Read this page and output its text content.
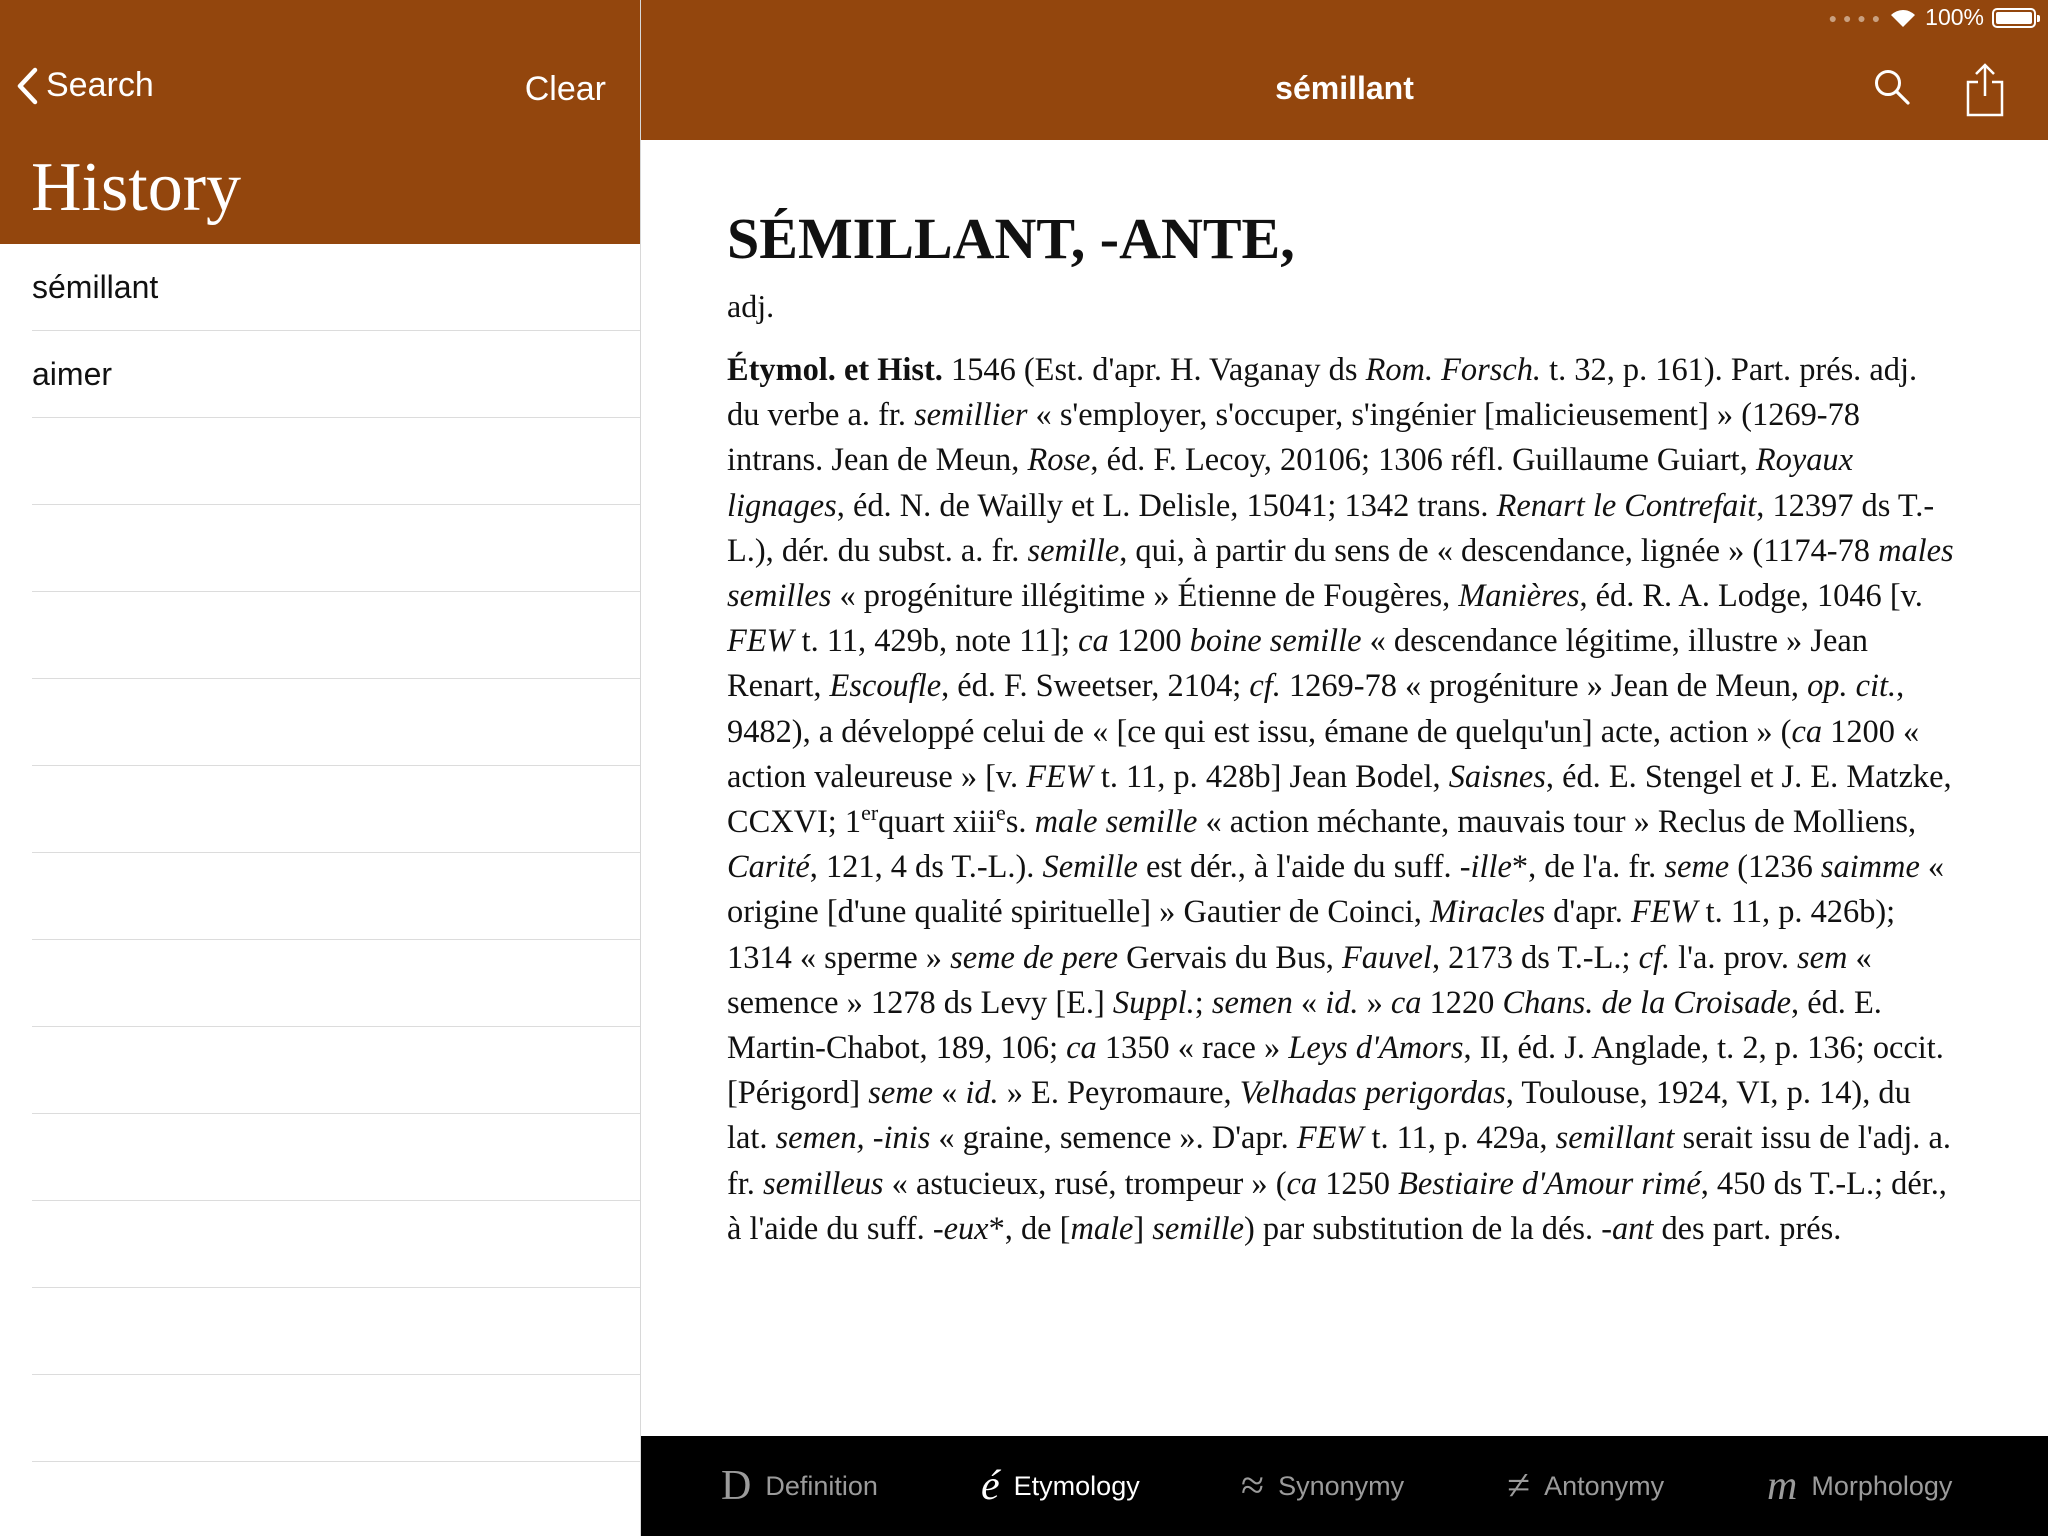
Search	Clear
History
● ● ● ● 100%
sémillant
sémillant
aimer
SÉMILLANT, -ANTE,
adj.
Étymol. et Hist. 1546 (Est. d'apr. H. Vaganay ds Rom. Forsch. t. 32, p. 161). Part. prés. adj. du verbe a. fr. semillier « s'employer, s'occuper, s'ingénier [malicieusement] » (1269-78 intrans. Jean de Meun, Rose, éd. F. Lecoy, 20106; 1306 réfl. Guillaume Guiart, Royaux lignages, éd. N. de Wailly et L. Delisle, 15041; 1342 trans. Renart le Contrefait, 12397 ds T.-L.), dér. du subst. a. fr. semille, qui, à partir du sens de « descendance, lignée » (1174-78 males semilles « progéniture illégitime » Étienne de Fougères, Manières, éd. R. A. Lodge, 1046 [v. FEW t. 11, 429b, note 11]; ca 1200 boine semille « descendance légitime, illustre » Jean Renart, Escoufle, éd. F. Sweetser, 2104; cf. 1269-78 « progéniture » Jean de Meun, op. cit., 9482), a développé celui de « [ce qui est issu, émane de quelqu'un] acte, action » (ca 1200 « action valeureuse » [v. FEW t. 11, p. 428b] Jean Bodel, Saisnes, éd. E. Stengel et J. E. Matzke, CCXVI; 1erquart xiii$^e$s. male semille « action méchante, mauvais tour » Reclus de Molliens, Carité, 121, 4 ds T.-L.). Semille est dér., à l'aide du suff. -ille*, de l'a. fr. seme (1236 saimme « origine [d'une qualité spirituelle] » Gautier de Coinci, Miracles d'apr. FEW t. 11, p. 426b); 1314 « sperme » seme de pere Gervais du Bus, Fauvel, 2173 ds T.-L.; cf. l'a. prov. sem « semence » 1278 ds Levy [E.] Suppl.; semen « id. » ca 1220 Chans. de la Croisade, éd. E. Martin-Chabot, 189, 106; ca 1350 « race » Leys d'Amors, II, éd. J. Anglade, t. 2, p. 136; occit. [Périgord] seme « id. » E. Peyromaure, Velhadas perigordas, Toulouse, 1924, VI, p. 14), du lat. semen, -inis « graine, semence ». D'apr. FEW t. 11, p. 429a, semillant serait issu de l'adj. a. fr. semilleus « astucieux, rusé, trompeur » (ca 1250 Bestiaire d'Amour rimé, 450 ds T.-L.; dér., à l'aide du suff. -eux*, de [male] semille) par substitution de la dés. -ant des part. prés.
D Definition é Etymology ≈ Synonymy ≠ Antonymy m Morphology
